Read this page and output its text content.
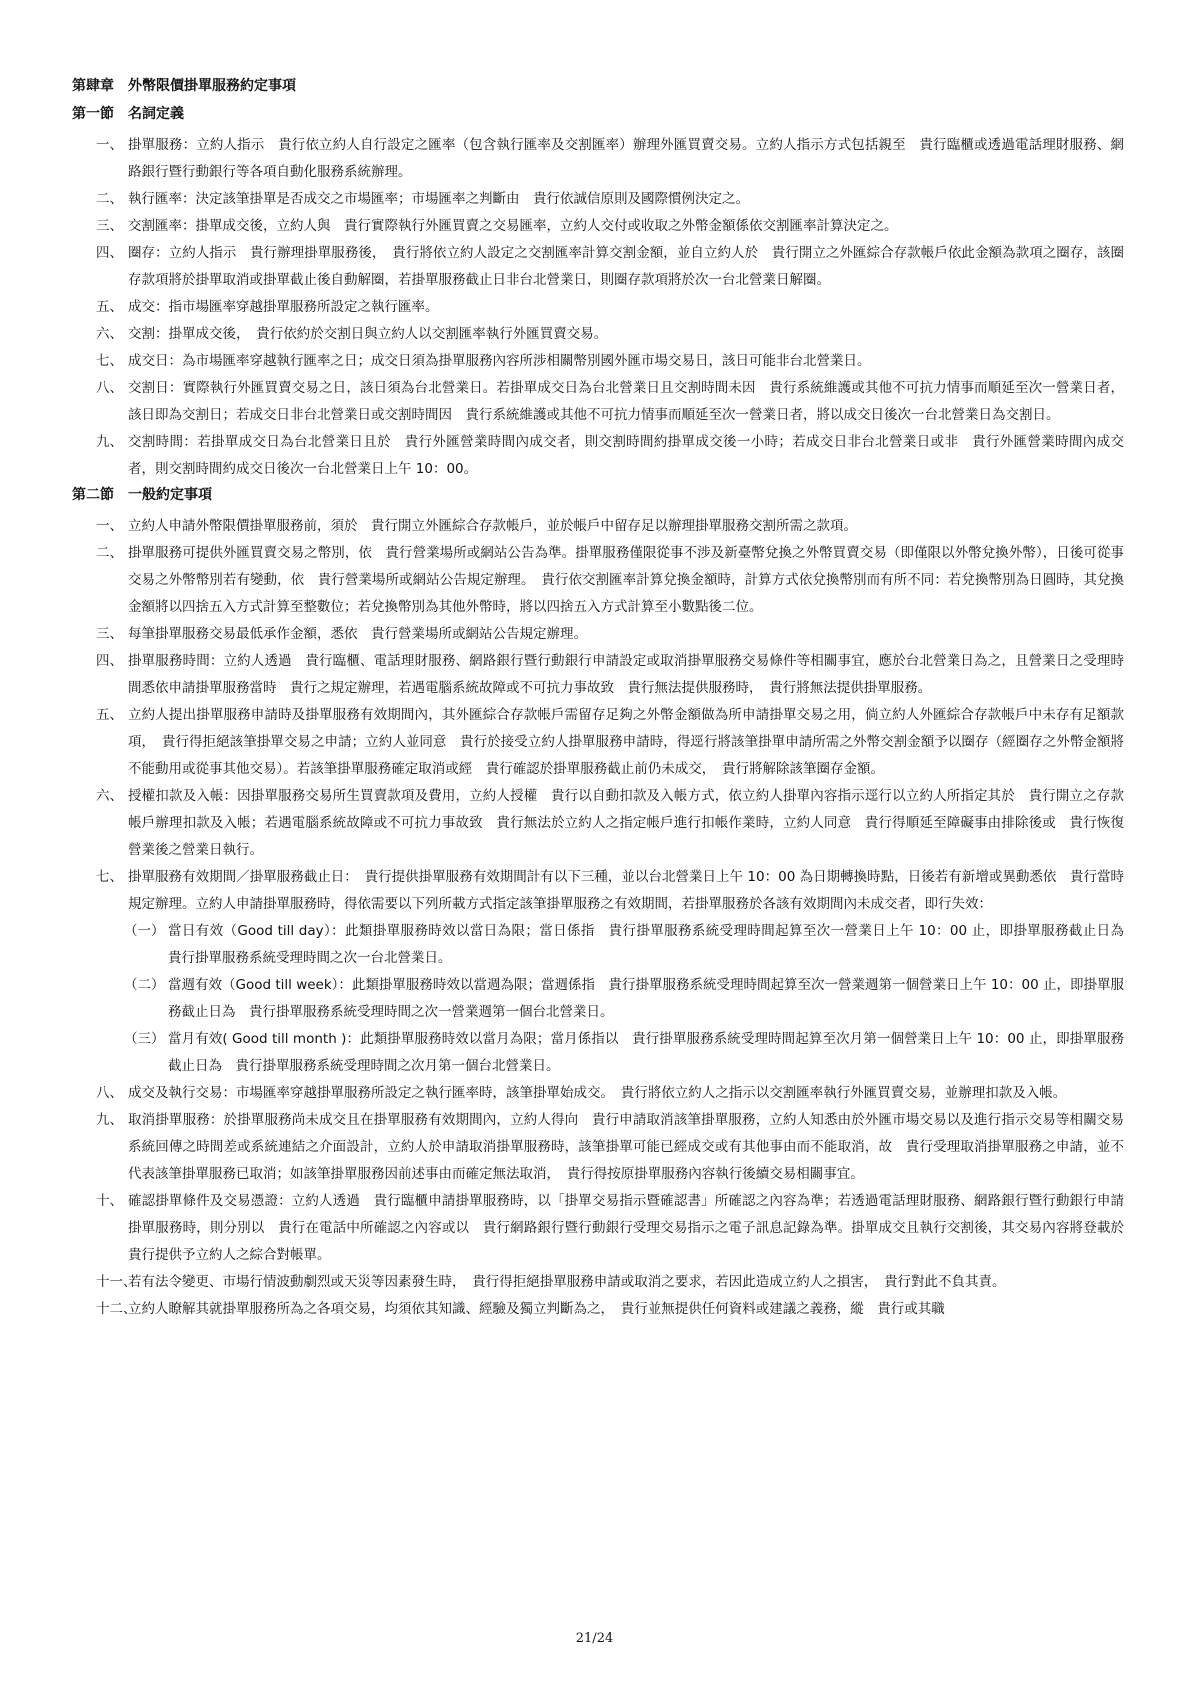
第肆章　外幣限價掛單服務約定事項
第一節　名詞定義
一、 掛單服務：立約人指示　貴行依立約人自行設定之匯率（包含執行匯率及交割匯率）辦理外匯買賣交易。立約人指示方式包括親至　貴行臨櫃或透過電話理財服務、網路銀行暨行動銀行等各項自動化服務系統辦理。
二、 執行匯率：決定該筆掛單是否成交之市場匯率；市場匯率之判斷由　貴行依誠信原則及國際慣例決定之。
三、 交割匯率：掛單成交後，立約人與　貴行實際執行外匯買賣之交易匯率，立約人交付或收取之外幣金額係依交割匯率計算決定之。
四、 圈存：立約人指示　貴行辦理掛單服務後，　貴行將依立約人設定之交割匯率計算交割金額，並自立約人於　貴行開立之外匯綜合存款帳戶依此金額為款項之圈存，該圈存款項將於掛單取消或掛單截止後自動解圈，若掛單服務截止日非台北營業日，則圈存款項將於次一台北營業日解圈。
五、 成交：指市場匯率穿越掛單服務所設定之執行匯率。
六、 交割：掛單成交後，　貴行依約於交割日與立約人以交割匯率執行外匯買賣交易。
七、 成交日：為市場匯率穿越執行匯率之日；成交日須為掛單服務內容所涉相關幣別國外匯市場交易日，該日可能非台北營業日。
八、 交割日：實際執行外匯買賣交易之日，該日須為台北營業日。若掛單成交日為台北營業日且交割時間未因　貴行系統維護或其他不可抗力情事而順延至次一營業日者，該日即為交割日；若成交日非台北營業日或交割時間因　貴行系統維護或其他不可抗力情事而順延至次一營業日者，將以成交日後次一台北營業日為交割日。
九、 交割時間：若掛單成交日為台北營業日且於　貴行外匯營業時間內成交者，則交割時間約掛單成交後一小時；若成交日非台北營業日或非　貴行外匯營業時間內成交者，則交割時間約成交日後次一台北營業日上午 10：00。
第二節　一般約定事項
一、 立約人申請外幣限價掛單服務前，須於　貴行開立外匯綜合存款帳戶，並於帳戶中留存足以辦理掛單服務交割所需之款項。
二、 掛單服務可提供外匯買賣交易之幣別，依　貴行營業場所或網站公告為準。掛單服務僅限從事不涉及新臺幣兌換之外幣買賣交易（即僅限以外幣兌換外幣），日後可從事交易之外幣幣別若有變動，依　貴行營業場所或網站公告規定辦理。　貴行依交割匯率計算兌換金額時，計算方式依兌換幣別而有所不同：若兌換幣別為日圓時，其兌換金額將以四捨五入方式計算至整數位；若兌換幣別為其他外幣時，將以四捨五入方式計算至小數點後二位。
三、 每筆掛單服務交易最低承作金額，悉依　貴行營業場所或網站公告規定辦理。
四、 掛單服務時間：立約人透過　貴行臨櫃、電話理財服務、網路銀行暨行動銀行申請設定或取消掛單服務交易條件等相關事宜，應於台北營業日為之，且營業日之受理時間悉依申請掛單服務當時　貴行之規定辦理，若遇電腦系統故障或不可抗力事故致　貴行無法提供服務時，　貴行將無法提供掛單服務。
五、 立約人提出掛單服務申請時及掛單服務有效期間內，其外匯綜合存款帳戶需留存足夠之外幣金額做為所申請掛單交易之用，倘立約人外匯綜合存款帳戶中未存有足額款項，　貴行得拒絕該筆掛單交易之申請；立約人並同意　貴行於接受立約人掛單服務申請時，得逕行將該筆掛單申請所需之外幣交割金額予以圈存（經圈存之外幣金額將不能動用或從事其他交易）。若該筆掛單服務確定取消或經　貴行確認於掛單服務截止前仍未成交，　貴行將解除該筆圈存金額。
六、 授權扣款及入帳：因掛單服務交易所生買賣款項及費用，立約人授權　貴行以自動扣款及入帳方式，依立約人掛單內容指示逕行以立約人所指定其於　貴行開立之存款帳戶辦理扣款及入帳；若遇電腦系統故障或不可抗力事故致　貴行無法於立約人之指定帳戶進行扣帳作業時，立約人同意　貴行得順延至障礙事由排除後或　貴行恢復營業後之營業日執行。
七、 掛單服務有效期間／掛單服務截止日：　貴行提供掛單服務有效期間計有以下三種，並以台北營業日上午 10：00 為日期轉換時點，日後若有新增或異動悉依　貴行當時規定辦理。立約人申請掛單服務時，得依需要以下列所載方式指定該筆掛單服務之有效期間，若掛單服務於各該有效期間內未成交者，即行失效：
（一） 當日有效（Good till day）：此類掛單服務時效以當日為限；當日係指　貴行掛單服務系統受理時間起算至次一營業日上午 10：00 止，即掛單服務截止日為　貴行掛單服務系統受理時間之次一台北營業日。
（二） 當週有效（Good till week）：此類掛單服務時效以當週為限；當週係指　貴行掛單服務系統受理時間起算至次一營業週第一個營業日上午 10：00 止，即掛單服務截止日為　貴行掛單服務系統受理時間之次一營業週第一個台北營業日。
（三） 當月有效( Good till month )：此類掛單服務時效以當月為限；當月係指以　貴行掛單服務系統受理時間起算至次月第一個營業日上午 10：00 止，即掛單服務截止日為　貴行掛單服務系統受理時間之次月第一個台北營業日。
八、 成交及執行交易：市場匯率穿越掛單服務所設定之執行匯率時，該筆掛單始成交。　貴行將依立約人之指示以交割匯率執行外匯買賣交易，並辦理扣款及入帳。
九、 取消掛單服務：於掛單服務尚未成交且在掛單服務有效期間內，立約人得向　貴行申請取消該筆掛單服務，立約人知悉由於外匯市場交易以及進行指示交易等相關交易系統回傳之時間差或系統連結之介面設計，立約人於申請取消掛單服務時，該筆掛單可能已經成交或有其他事由而不能取消，故　貴行受理取消掛單服務之申請，並不代表該筆掛單服務已取消；如該筆掛單服務因前述事由而確定無法取消，　貴行得按原掛單服務內容執行後續交易相關事宜。
十、 確認掛單條件及交易憑證：立約人透過　貴行臨櫃申請掛單服務時，以「掛單交易指示暨確認書」所確認之內容為準；若透過電話理財服務、網路銀行暨行動銀行申請掛單服務時，則分別以　貴行在電話中所確認之內容或以　貴行網路銀行暨行動銀行受理交易指示之電子訊息記錄為準。掛單成交且執行交割後，其交易內容將登載於　貴行提供予立約人之綜合對帳單。
十一、
若有法令變更、市場行情波動劇烈或天災等因素發生時，　貴行得拒絕掛單服務申請或取消之要求，若因此造成立約人之損害，　貴行對此不負其責。
十二、
立約人瞭解其就掛單服務所為之各項交易，均須依其知識、經驗及獨立判斷為之，　貴行並無提供任何資料或建議之義務，縱　貴行或其職
21/24
